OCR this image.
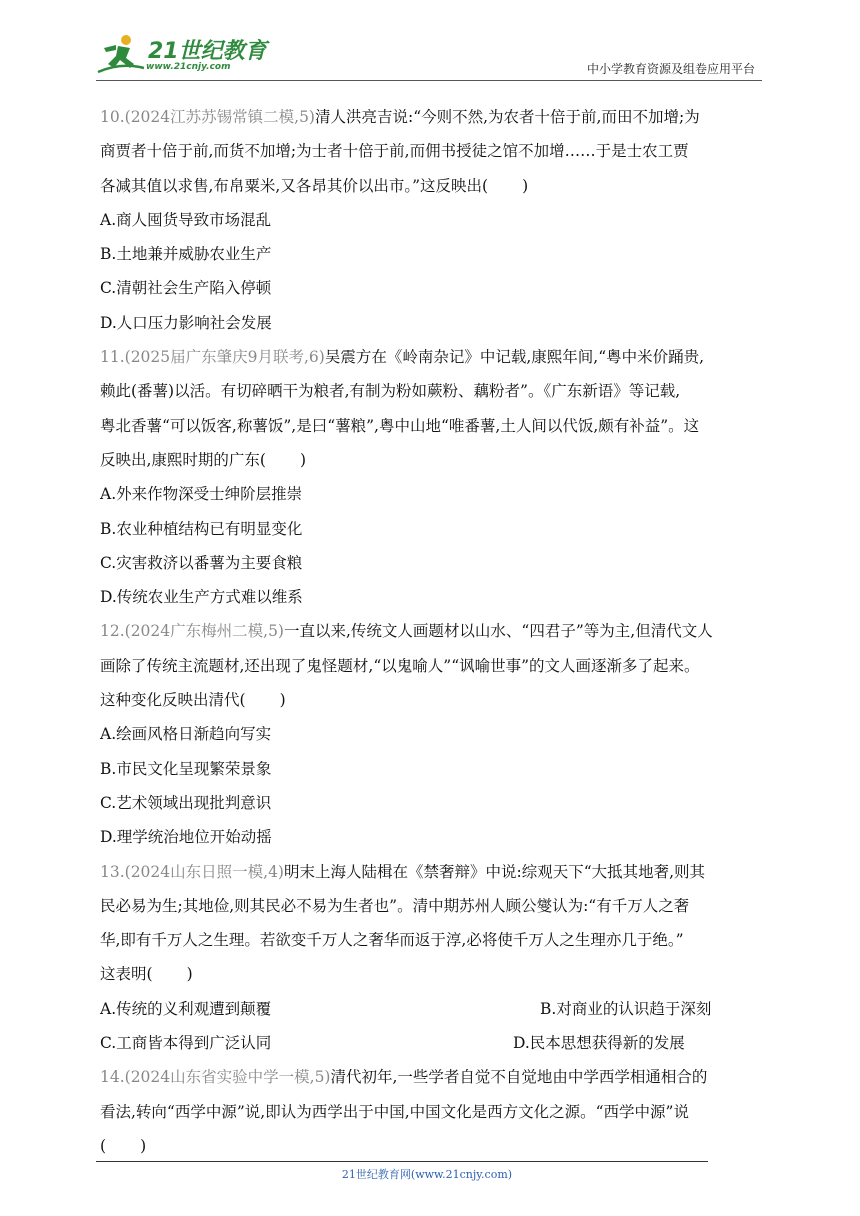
21世纪教育
www.21cnjy.com	中小学教育资源及组卷应用平台
10.(2024江苏苏锡常镇二模,5)清人洪亮吉说:“今则不然,为农者十倍于前,而田不加增;为
商贾者十倍于前,而货不加增;为士者十倍于前,而佣书授徒之馆不加增……于是士农工贾
各减其值以求售,布帛粟米,又各昂其价以出市。”这反映出( )
A.商人囤货导致市场混乱
B.土地兼并威胁农业生产
C.清朝社会生产陷入停顿
D.人口压力影响社会发展
11.(2025届广东肇庆9月联考,6)吴震方在《岭南杂记》中记载,康熙年间,“粤中米价踊贵,
赖此(番薯)以活。有切碎晒干为粮者,有制为粉如蕨粉、藕粉者”。《广东新语》等记载,
粤北香薯“可以饭客,称薯饭”,是曰“薯粮”,粤中山地“唯番薯,土人间以代饭,颇有补益”。这
反映出,康熙时期的广东( )
A.外来作物深受士绅阶层推崇
B.农业种植结构已有明显变化
C.灾害救济以番薯为主要食粮
D.传统农业生产方式难以维系
12.(2024广东梅州二模,5)一直以来,传统文人画题材以山水、“四君子”等为主,但清代文人
画除了传统主流题材,还出现了鬼怪题材,“以鬼喻人”“讽喻世事”的文人画逐渐多了起来。
这种变化反映出清代( )
A.绘画风格日渐趋向写实
B.市民文化呈现繁荣景象
C.艺术领域出现批判意识
D.理学统治地位开始动摇
13.(2024山东日照一模,4)明末上海人陆楫在《禁奢辩》中说:综观天下“大抵其地奢,则其
民必易为生;其地俭,则其民必不易为生者也”。清中期苏州人顾公燮认为:“有千万人之奢
华,即有千万人之生理。若欲变千万人之奢华而返于淳,必将使千万人之生理亦几于绝。”
这表明( )
A.传统的义利观遭到颠覆	B.对商业的认识趋于深刻
C.工商皆本得到广泛认同	D.民本思想获得新的发展
14.(2024山东省实验中学一模,5)清代初年,一些学者自觉不自觉地由中学西学相通相合的
看法,转向“西学中源”说,即认为西学出于中国,中国文化是西方文化之源。“西学中源”说
( )
21世纪教育网(www.21cnjy.com)
